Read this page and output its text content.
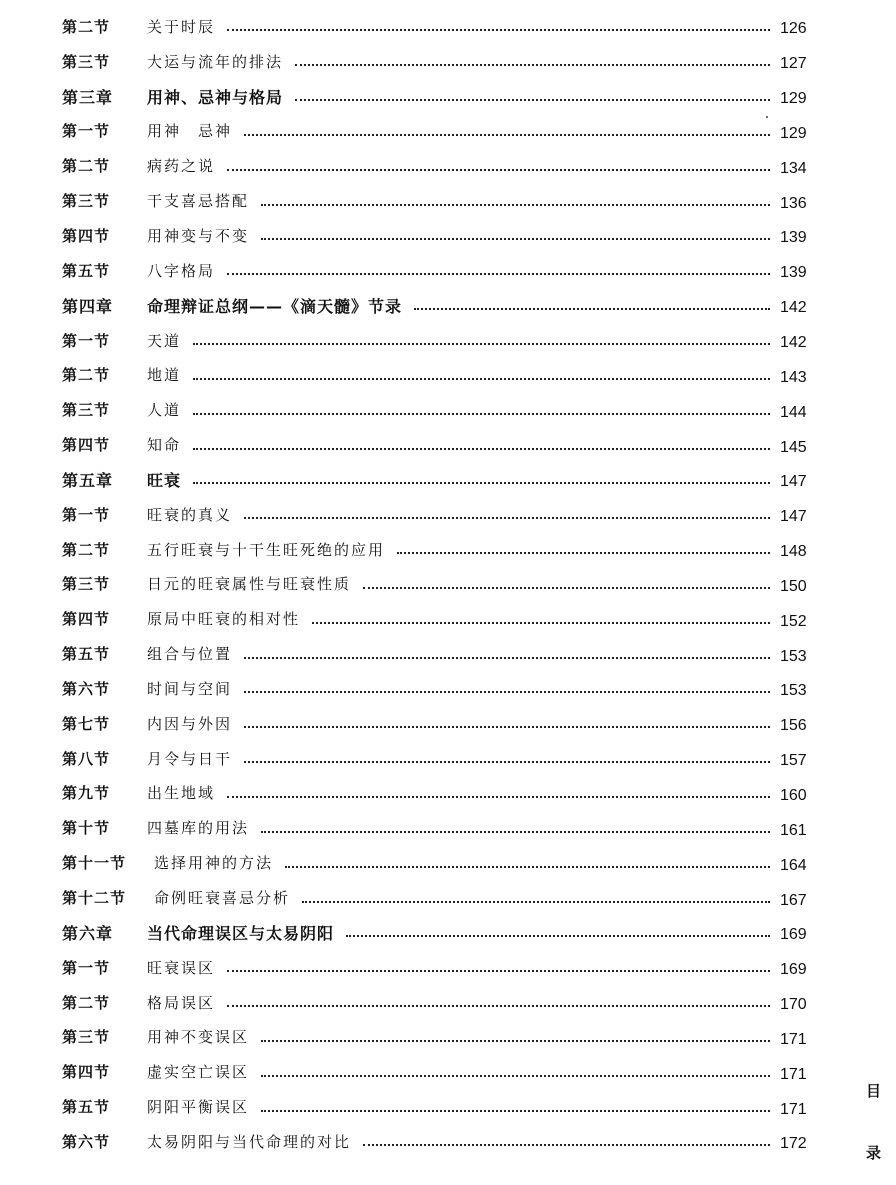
第二节	关于时辰	126
第三节	大运与流年的排法	127
第三章	用神、忌神与格局	129
第一节	用神　忌神	129
第二节	病药之说	134
第三节	干支喜忌搭配	136
第四节	用神变与不变	139
第五节	八字格局	139
第四章	命理辩证总纲——《滴天髓》节录	142
第一节	天道	142
第二节	地道	143
第三节	人道	144
第四节	知命	145
第五章	旺衰	147
第一节	旺衰的真义	147
第二节	五行旺衰与十干生旺死绝的应用	148
第三节	日元的旺衰属性与旺衰性质	150
第四节	原局中旺衰的相对性	152
第五节	组合与位置	153
第六节	时间与空间	153
第七节	内因与外因	156
第八节	月令与日干	157
第九节	出生地域	160
第十节	四墓库的用法	161
第十一节	选择用神的方法	164
第十二节	命例旺衰喜忌分析	167
第六章	当代命理误区与太易阴阳	169
第一节	旺衰误区	169
第二节	格局误区	170
第三节	用神不变误区	171
第四节	虚实空亡误区	171
第五节	阴阳平衡误区	171
第六节	太易阴阳与当代命理的对比	172
目
录
